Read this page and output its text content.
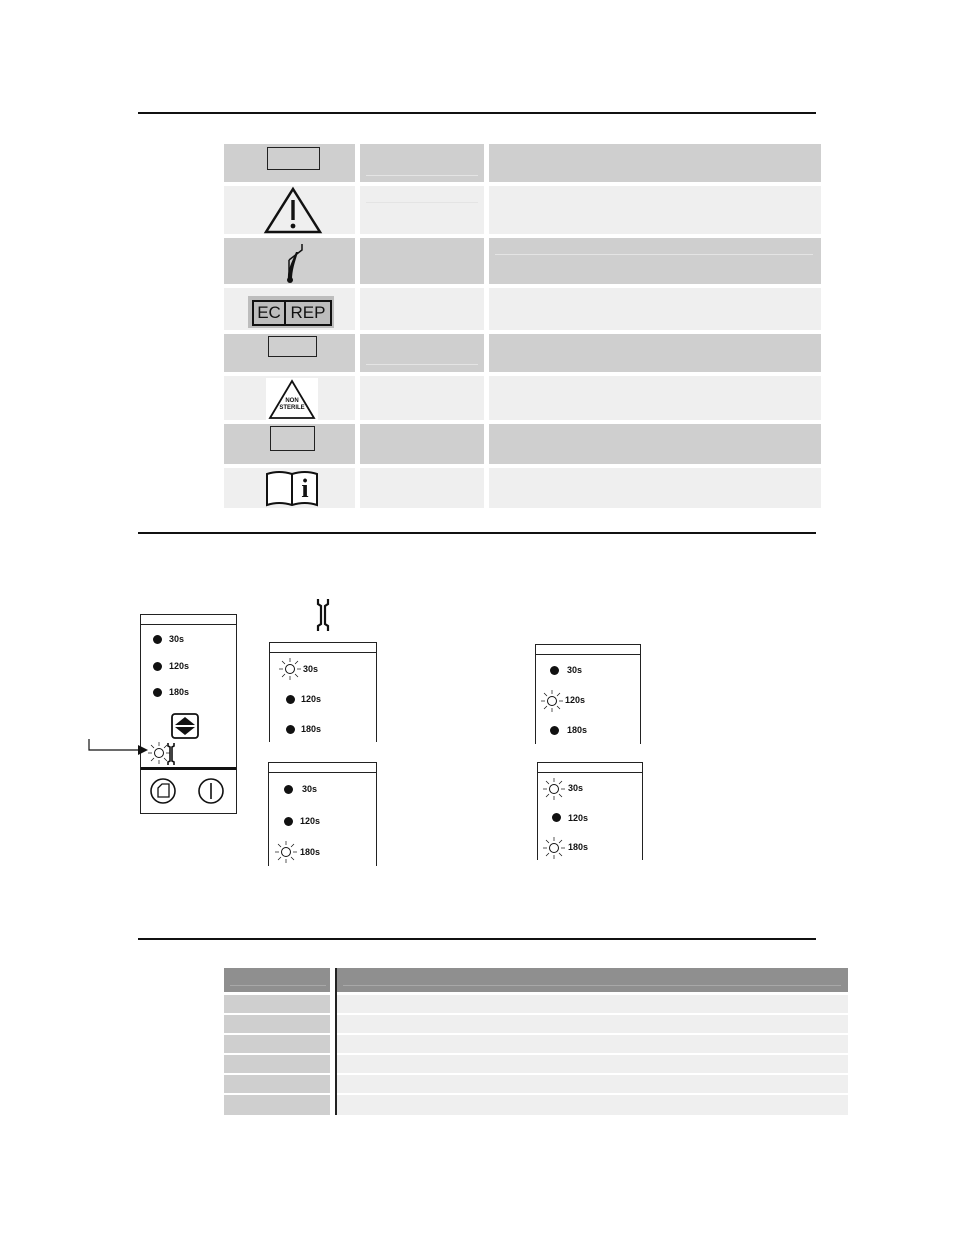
EC REP
NON
STERILE
i
30s
120s
180s
30s
120s
180s
30s
120s
180s
30s
120s
180s
30s
120s
180s
